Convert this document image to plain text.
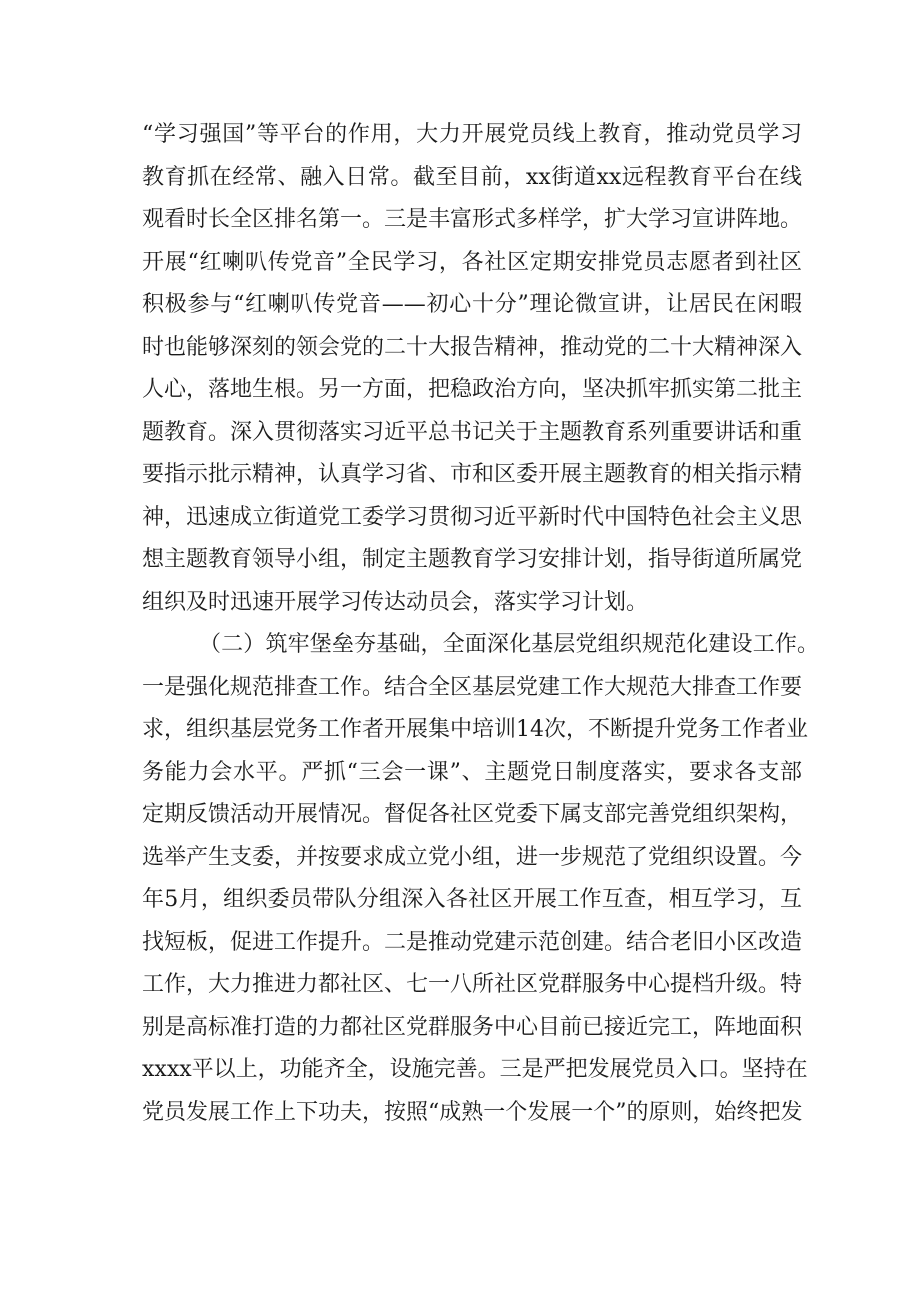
“学习强国”等平台的作用，大力开展党员线上教育，推动党员学习
教育抓在经常、融入日常。截至目前，xx街道xx远程教育平台在线
观看时长全区排名第一。三是丰富形式多样学，扩大学习宣讲阵地。
开展“红喇叭传党音”全民学习，各社区定期安排党员志愿者到社区
积极参与“红喇叭传党音——初心十分”理论微宣讲，让居民在闲暇
时也能够深刻的领会党的二十大报告精神，推动党的二十大精神深入
人心，落地生根。另一方面，把稳政治方向，坚决抓牢抓实第二批主
题教育。深入贯彻落实习近平总书记关于主题教育系列重要讲话和重
要指示批示精神，认真学习省、市和区委开展主题教育的相关指示精
神，迅速成立街道党工委学习贯彻习近平新时代中国特色社会主义思
想主题教育领导小组，制定主题教育学习安排计划，指导街道所属党
组织及时迅速开展学习传达动员会，落实学习计划。
（二）筑牢堡垒夯基础，全面深化基层党组织规范化建设工作。
一是强化规范排查工作。结合全区基层党建工作大规范大排查工作要
求，组织基层党务工作者开展集中培训14次，不断提升党务工作者业
务能力会水平。严抓“三会一课”、主题党日制度落实，要求各支部
定期反馈活动开展情况。督促各社区党委下属支部完善党组织架构，
选举产生支委，并按要求成立党小组，进一步规范了党组织设置。今
年5月，组织委员带队分组深入各社区开展工作互查，相互学习，互
找短板，促进工作提升。二是推动党建示范创建。结合老旧小区改造
工作，大力推进力都社区、七一八所社区党群服务中心提档升级。特
别是高标准打造的力都社区党群服务中心目前已接近完工，阵地面积
xxxx平以上，功能齐全，设施完善。三是严把发展党员入口。坚持在
党员发展工作上下功夫，按照“成熟一个发展一个”的原则，始终把发
